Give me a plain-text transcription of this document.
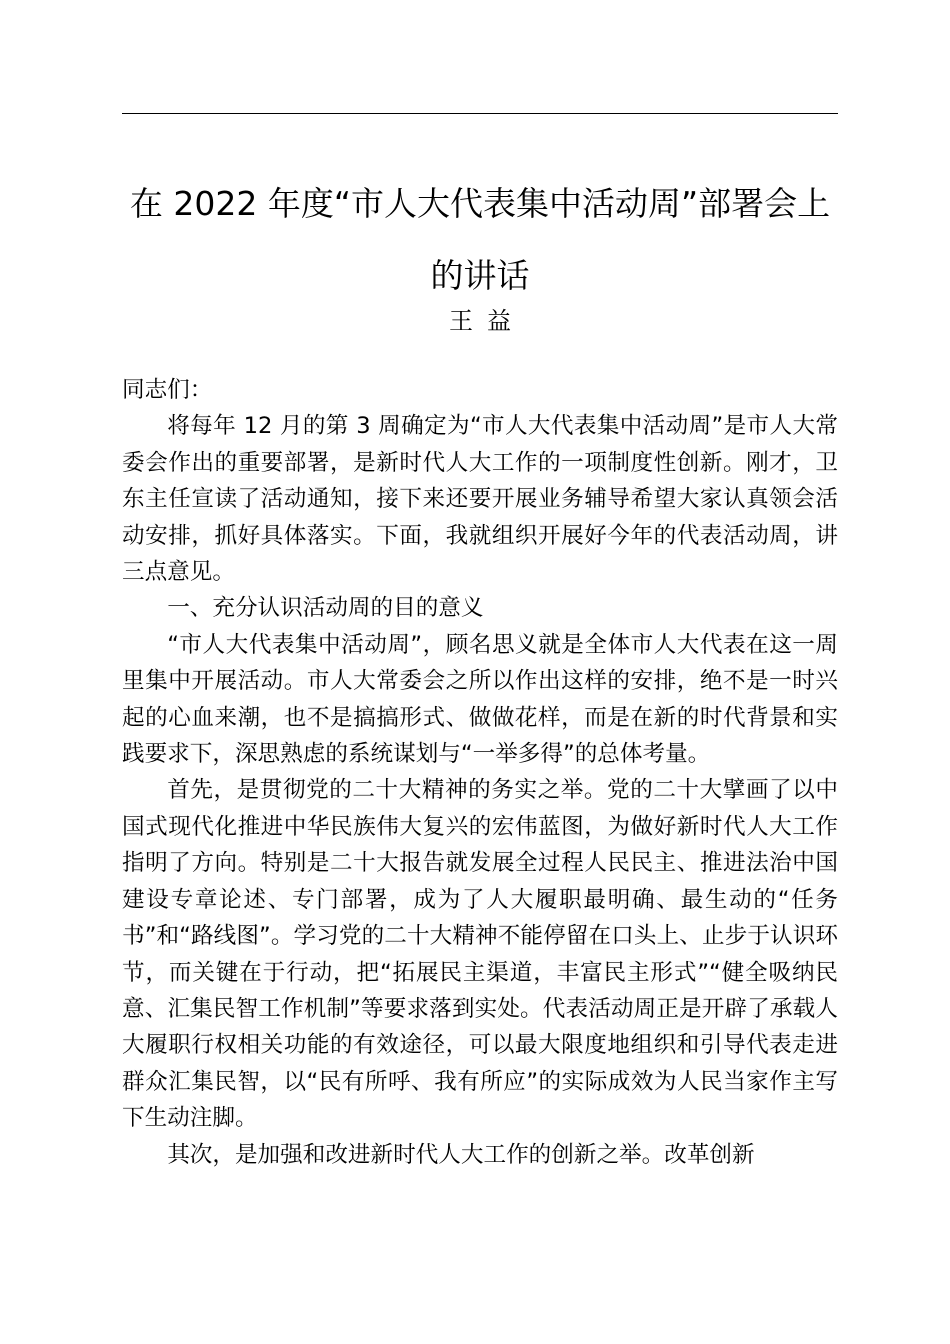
在 2022 年度“市人大代表集中活动周”部署会上的讲话
王益

同志们：

将每年 12 月的第 3 周确定为“市人大代表集中活动周”是市人大常委会作出的重要部署，是新时代人大工作的一项制度性创新。刚才，卫东主任宣读了活动通知，接下来还要开展业务辅导希望大家认真领会活动安排，抓好具体落实。下面，我就组织开展好今年的代表活动周，讲三点意见。

一、充分认识活动周的目的意义

“市人大代表集中活动周”，顾名思义就是全体市人大代表在这一周里集中开展活动。市人大常委会之所以作出这样的安排，绝不是一时兴起的心血来潮，也不是搞搞形式、做做花样，而是在新的时代背景和实践要求下，深思熟虑的系统谋划与“一举多得”的总体考量。

首先，是贯彻党的二十大精神的务实之举。党的二十大擘画了以中国式现代化推进中华民族伟大复兴的宏伟蓝图，为做好新时代人大工作指明了方向。特别是二十大报告就发展全过程人民民主、推进法治中国建设专章论述、专门部署，成为了人大履职最明确、最生动的“任务书”和“路线图”。学习党的二十大精神不能停留在口头上、止步于认识环节，而关键在于行动，把“拓展民主渠道，丰富民主形式”“健全吸纳民意、汇集民智工作机制”等要求落到实处。代表活动周正是开辟了承载人大履职行权相关功能的有效途径，可以最大限度地组织和引导代表走进群众汇集民智，以“民有所呼、我有所应”的实际成效为人民当家作主写下生动注脚。

其次，是加强和改进新时代人大工作的创新之举。改革创新
